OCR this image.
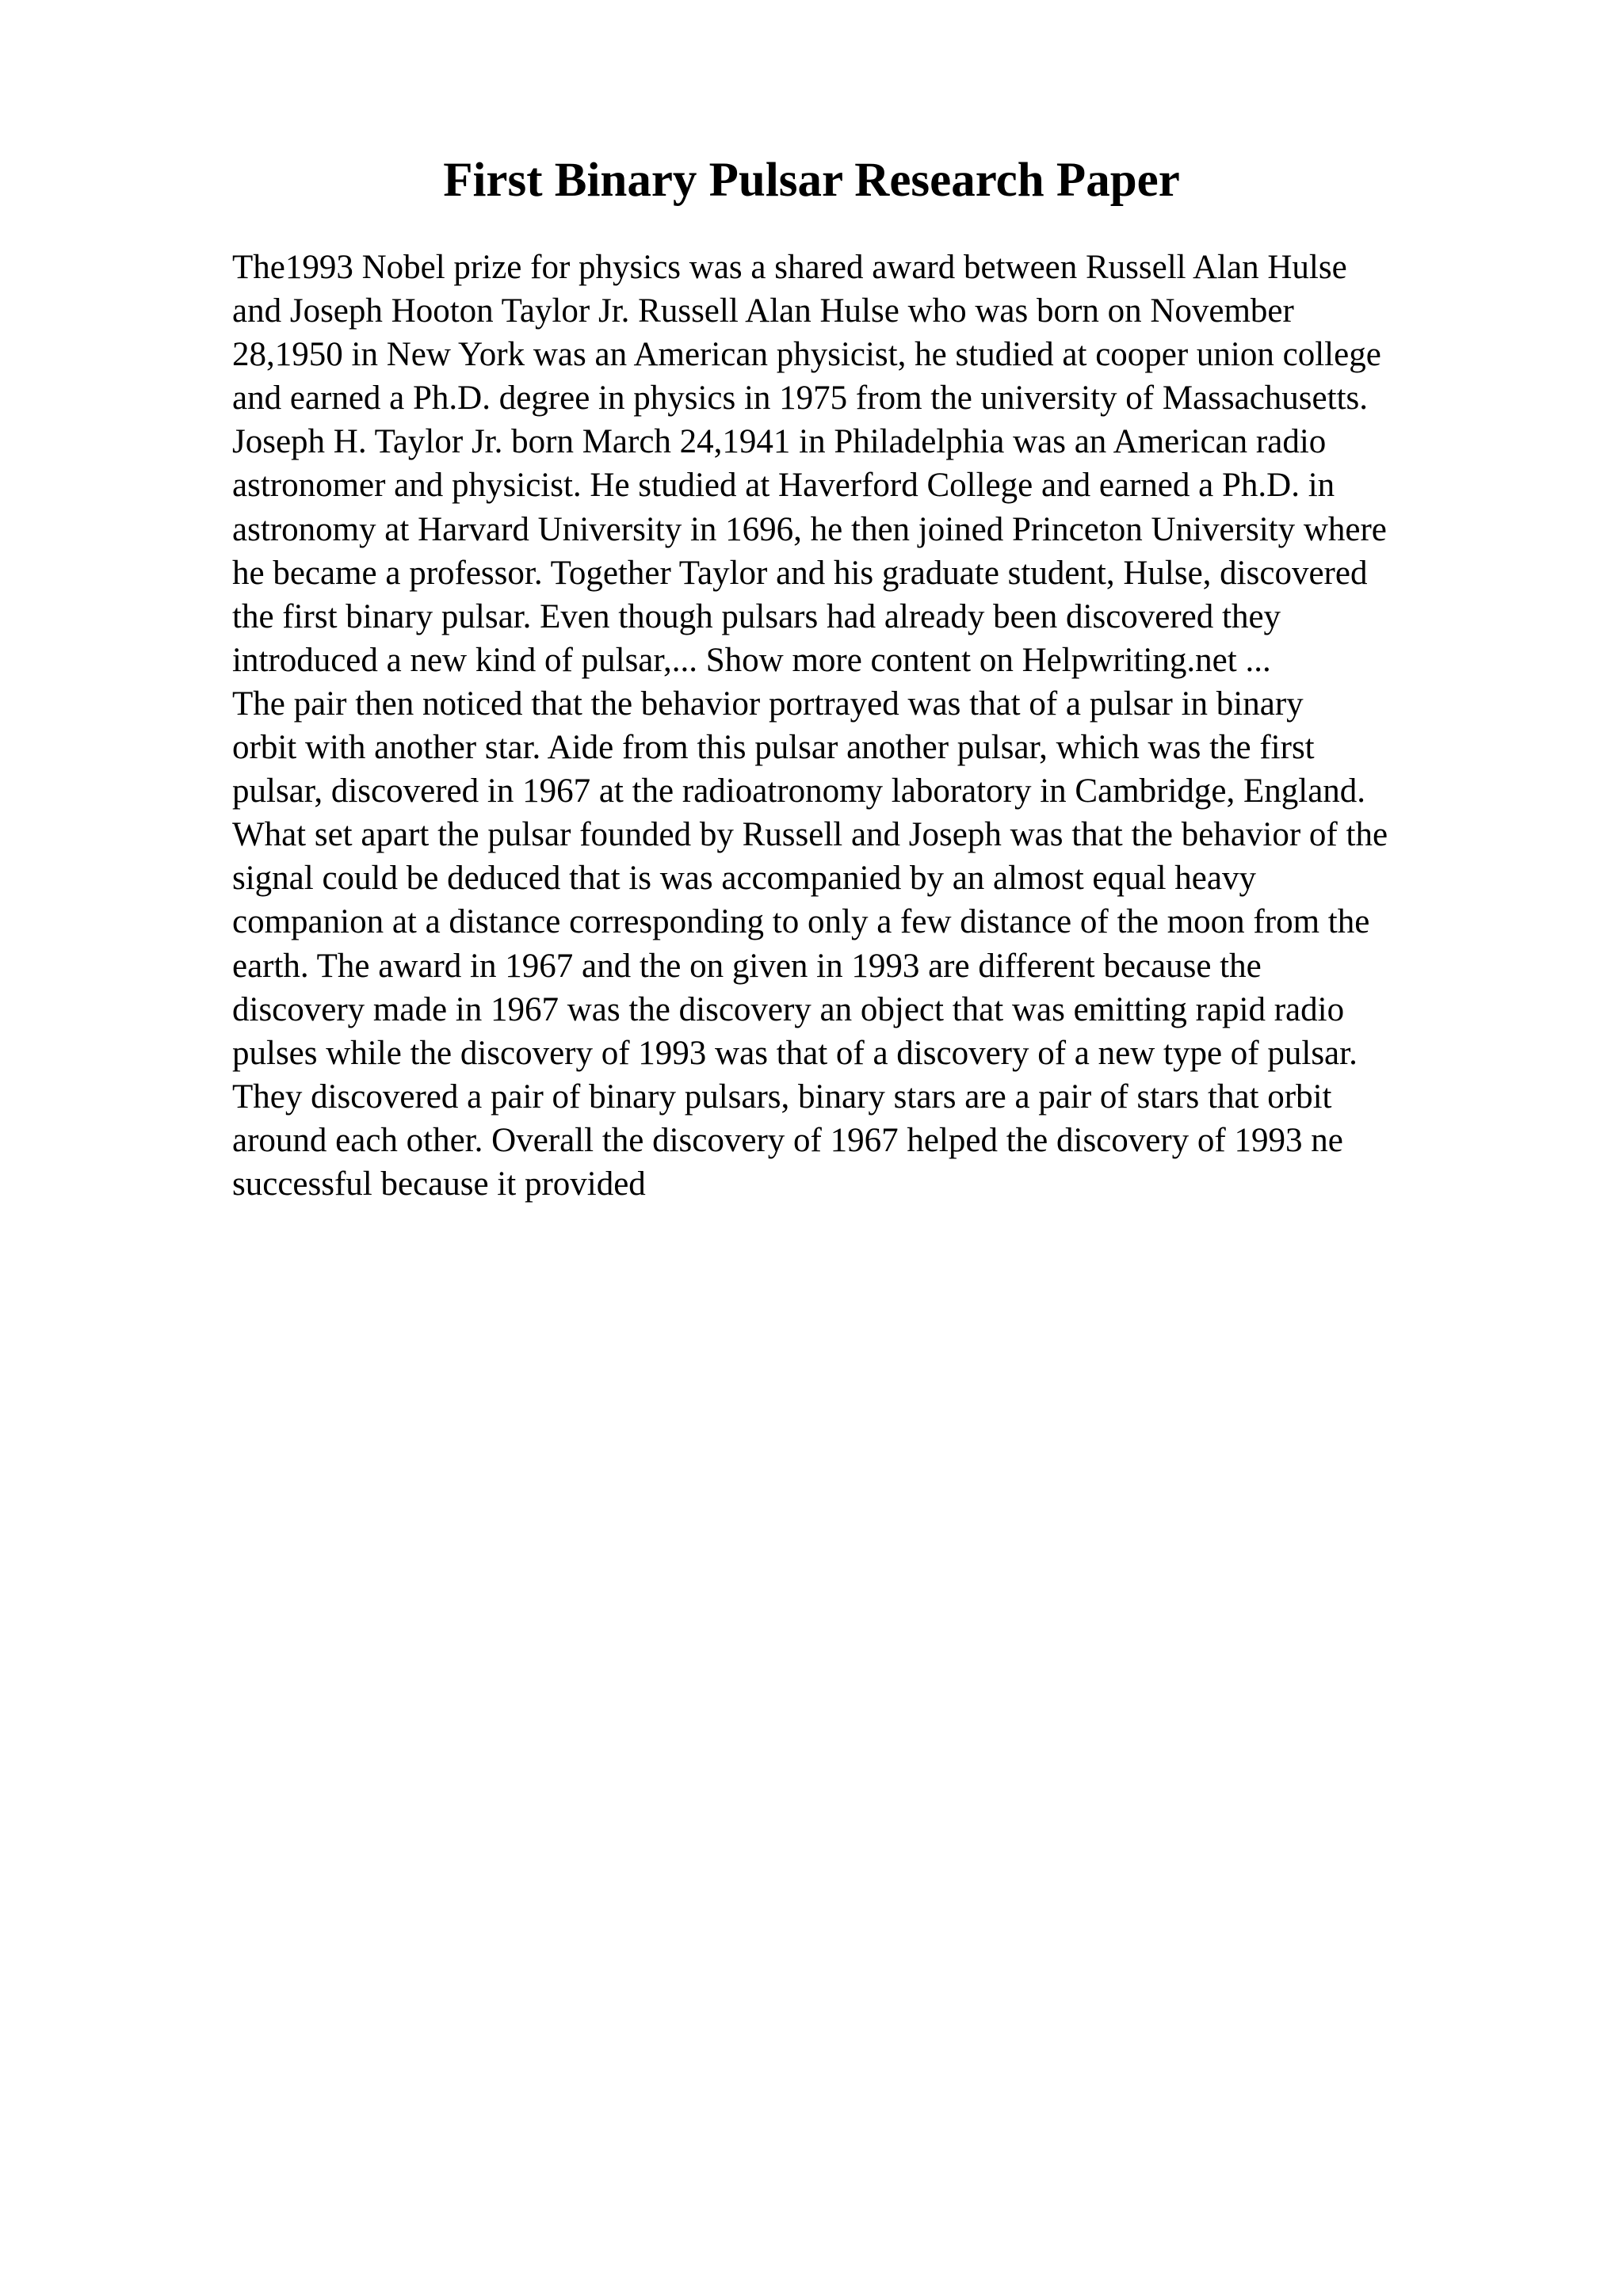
First Binary Pulsar Research Paper
The1993 Nobel prize for physics was a shared award between Russell Alan Hulse
and Joseph Hooton Taylor Jr. Russell Alan Hulse who was born on November
28,1950 in New York was an American physicist, he studied at cooper union college
and earned a Ph.D. degree in physics in 1975 from the university of Massachusetts.
Joseph H. Taylor Jr. born March 24,1941 in Philadelphia was an American radio
astronomer and physicist. He studied at Haverford College and earned a Ph.D. in
astronomy at Harvard University in 1696, he then joined Princeton University where
he became a professor. Together Taylor and his graduate student, Hulse, discovered
the first binary pulsar. Even though pulsars had already been discovered they
introduced a new kind of pulsar,... Show more content on Helpwriting.net ...
The pair then noticed that the behavior portrayed was that of a pulsar in binary
orbit with another star. Aide from this pulsar another pulsar, which was the first
pulsar, discovered in 1967 at the radioatronomy laboratory in Cambridge, England.
What set apart the pulsar founded by Russell and Joseph was that the behavior of the
signal could be deduced that is was accompanied by an almost equal heavy
companion at a distance corresponding to only a few distance of the moon from the
earth. The award in 1967 and the on given in 1993 are different because the
discovery made in 1967 was the discovery an object that was emitting rapid radio
pulses while the discovery of 1993 was that of a discovery of a new type of pulsar.
They discovered a pair of binary pulsars, binary stars are a pair of stars that orbit
around each other. Overall the discovery of 1967 helped the discovery of 1993 ne
successful because it provided
